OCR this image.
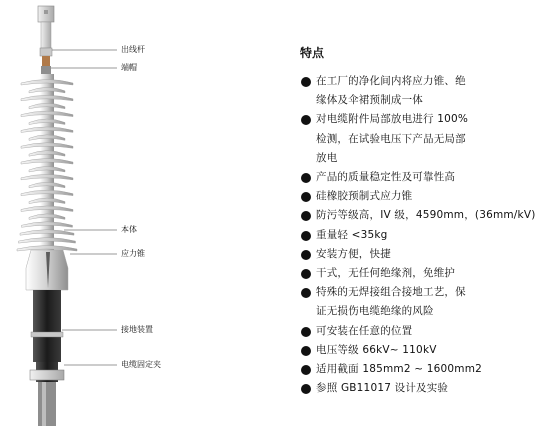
出线杆
端帽
本体
应力锥
接地装置
电缆固定夹
特点
在工厂的净化间内将应力锥、绝
缘体及伞裙预制成一体
对电缆附件局部放电进行 100%
检测，在试验电压下产品无局部
放电
产品的质量稳定性及可靠性高
硅橡胶预制式应力锥
防污等级高，IV 级，4590mm，(36mm/kV)
重量轻 <35kg
安装方便，快捷
干式，无任何绝缘剂，免维护
特殊的无焊接组合接地工艺，保
证无损伤电缆绝缘的风险
可安装在任意的位置
电压等级 66kV~ 110kV
适用截面 185mm2 ~ 1600mm2
参照 GB11017 设计及实验
